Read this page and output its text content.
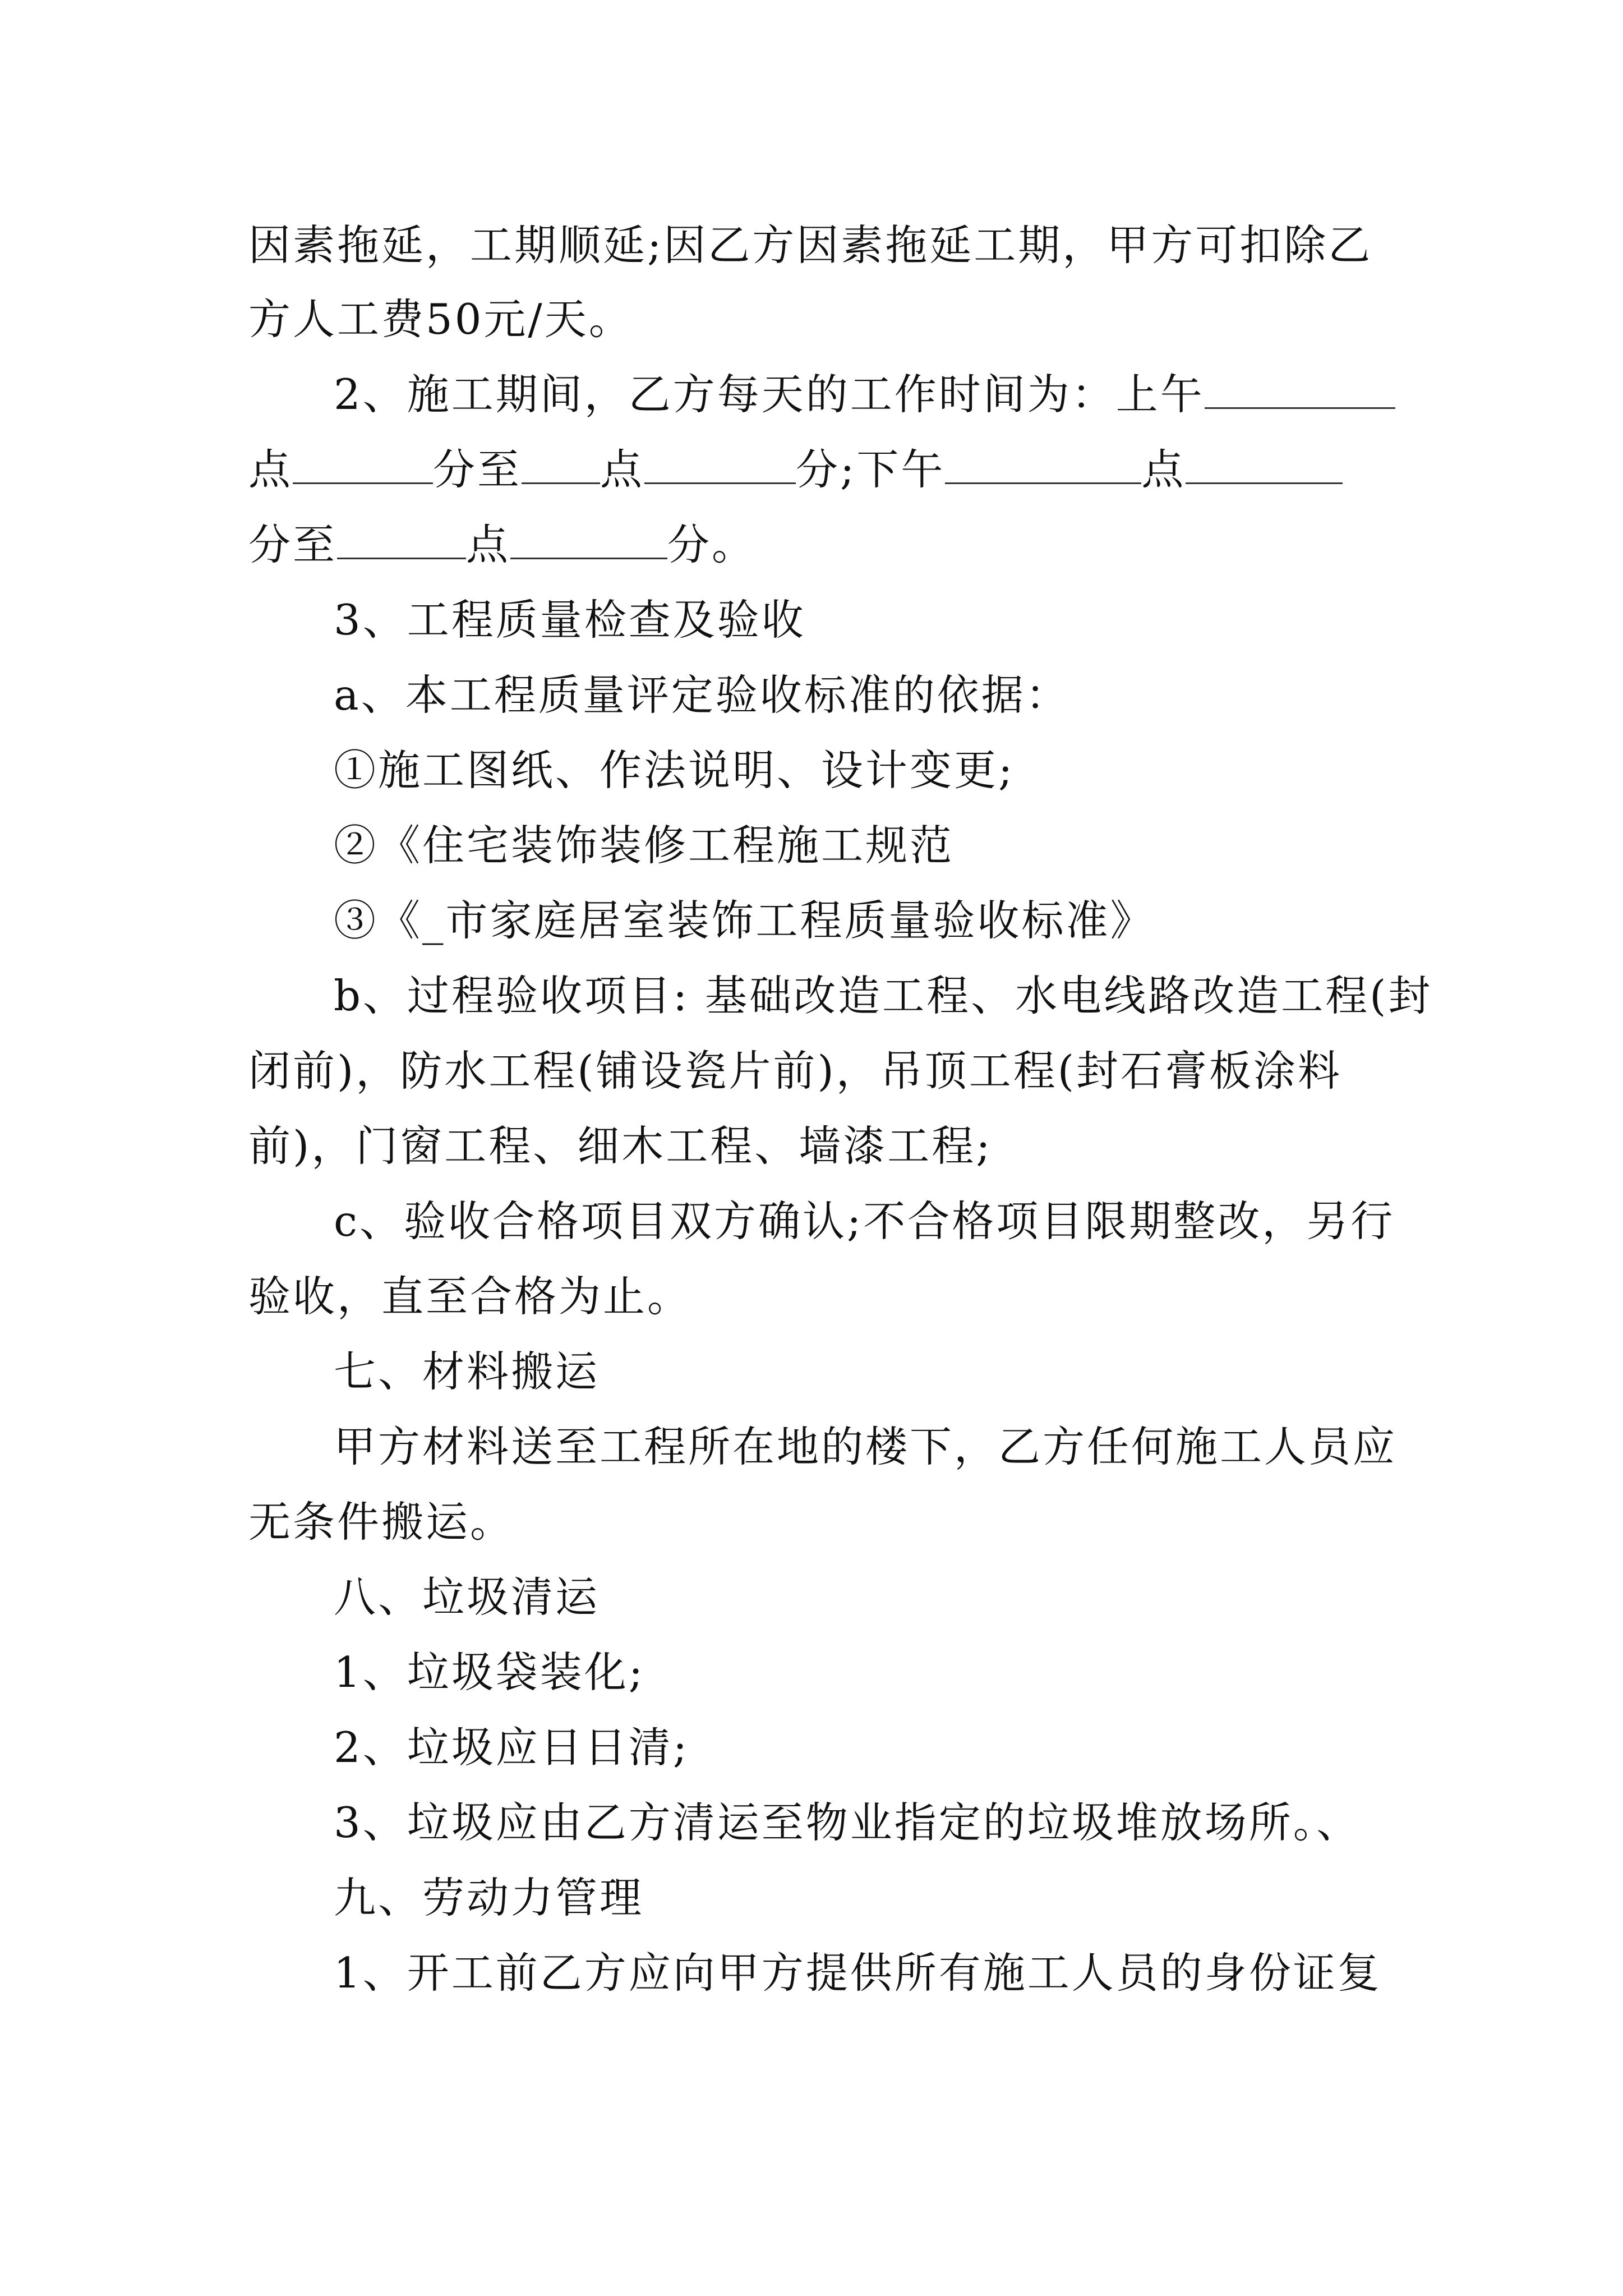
因素拖延，工期顺延;因乙方因素拖延工期，甲方可扣除乙
方人工费50元/天。
2、施工期间，乙方每天的工作时间为：上午
点	分至 点	分;下午	点
分至	点	分。
3、工程质量检查及验收
a、本工程质量评定验收标准的依据：
①施工图纸、作法说明、设计变更;
②《住宅装饰装修工程施工规范
③《_市家庭居室装饰工程质量验收标准》
b、过程验收项目: 基础改造工程、水电线路改造工程(封
闭前)，防水工程(铺设瓷片前)，吊顶工程(封石膏板涂料
前)，门窗工程、细木工程、墙漆工程;
c、验收合格项目双方确认;不合格项目限期整改，另行
验收，直至合格为止。
七、材料搬运
甲方材料送至工程所在地的楼下，乙方任何施工人员应
无条件搬运。
八、垃圾清运
1、垃圾袋装化;
2、垃圾应日日清;
3、垃圾应由乙方清运至物业指定的垃圾堆放场所。、
九、劳动力管理
1、开工前乙方应向甲方提供所有施工人员的身份证复
